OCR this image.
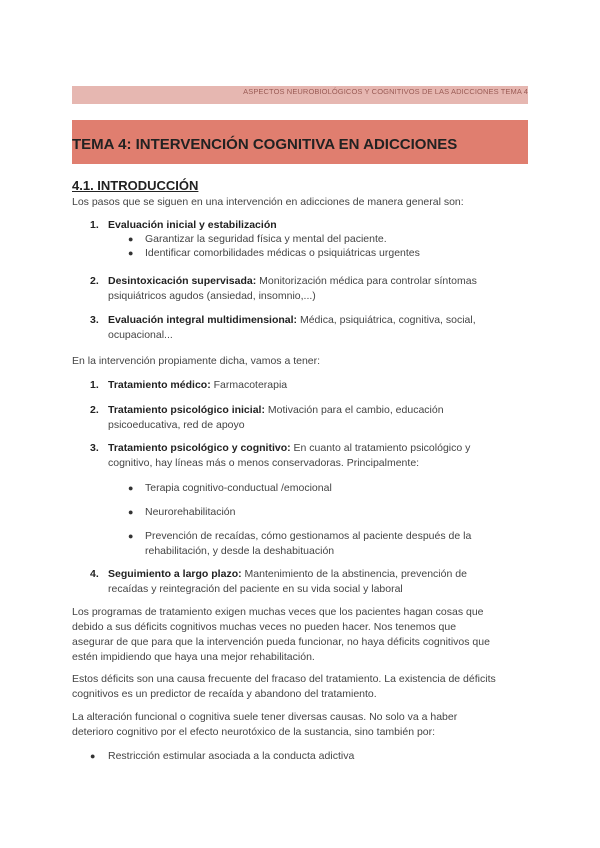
ASPECTOS NEUROBIOLÓGICOS Y COGNITIVOS DE LAS ADICCIONES TEMA 4
TEMA 4: INTERVENCIÓN COGNITIVA EN ADICCIONES
4.1. INTRODUCCIÓN
Los pasos que se siguen en una intervención en adicciones de manera general son:
1. Evaluación inicial y estabilización
● Garantizar la seguridad física y mental del paciente.
● Identificar comorbilidades médicas o psiquiátricas urgentes
2. Desintoxicación supervisada: Monitorización médica para controlar síntomas
psiquiátricos agudos (ansiedad, insomnio,...)
3. Evaluación integral multidimensional: Médica, psiquiátrica, cognitiva, social,
ocupacional...
En la intervención propiamente dicha, vamos a tener:
1. Tratamiento médico: Farmacoterapia
2. Tratamiento psicológico inicial: Motivación para el cambio, educación
psicoeducativa, red de apoyo
3. Tratamiento psicológico y cognitivo: En cuanto al tratamiento psicológico y
cognitivo, hay líneas más o menos conservadoras. Principalmente:
● Terapia cognitivo-conductual /emocional
● Neurorehabilitación
● Prevención de recaídas, cómo gestionamos al paciente después de la
rehabilitación, y desde la deshabituación
4. Seguimiento a largo plazo: Mantenimiento de la abstinencia, prevención de
recaídas y reintegración del paciente en su vida social y laboral
Los programas de tratamiento exigen muchas veces que los pacientes hagan cosas que
debido a sus déficits cognitivos muchas veces no pueden hacer. Nos tenemos que
asegurar de que para que la intervención pueda funcionar, no haya déficits cognitivos que
estén impidiendo que haya una mejor rehabilitación.
Estos déficits son una causa frecuente del fracaso del tratamiento. La existencia de déficits
cognitivos es un predictor de recaída y abandono del tratamiento.
La alteración funcional o cognitiva suele tener diversas causas. No solo va a haber
deterioro cognitivo por el efecto neurotóxico de la sustancia, sino también por:
● Restricción estimular asociada a la conducta adictiva
